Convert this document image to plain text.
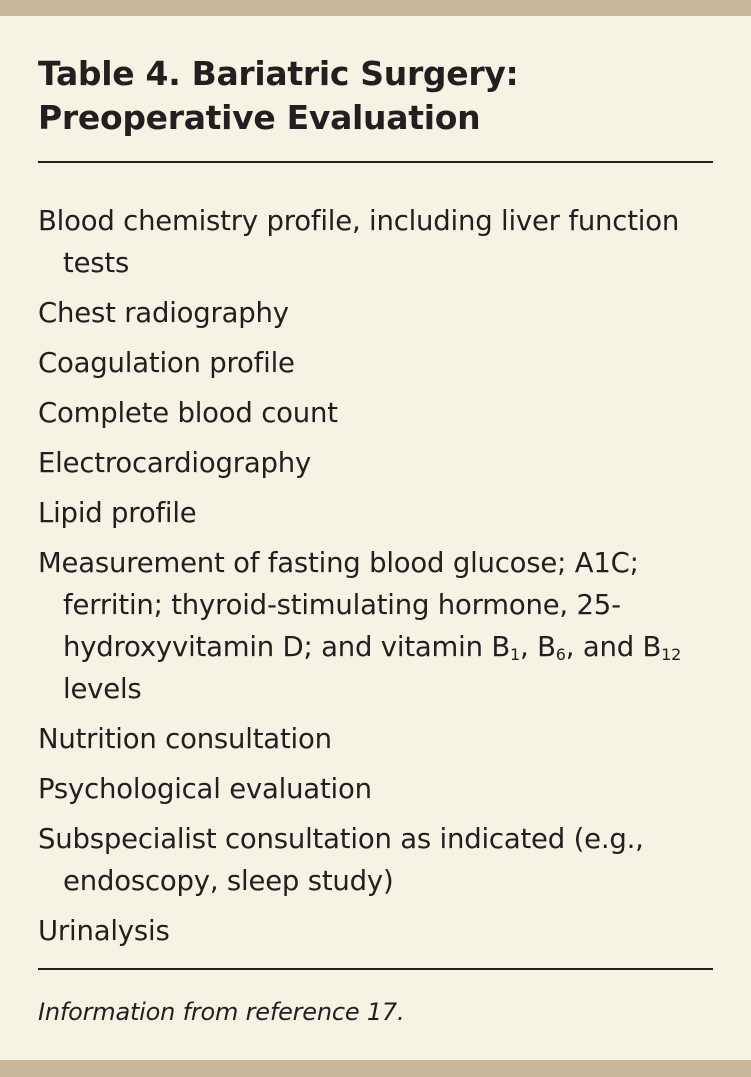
Table 4. Bariatric Surgery:
Preoperative Evaluation
Blood chemistry profile, including liver function tests
Chest radiography
Coagulation profile
Complete blood count
Electrocardiography
Lipid profile
Measurement of fasting blood glucose; A1C; ferritin; thyroid-stimulating hormone, 25-hydroxyvitamin D; and vitamin $B_1$, $B_6$, and $B_{12}$ levels
Nutrition consultation
Psychological evaluation
Subspecialist consultation as indicated (e.g., endoscopy, sleep study)
Urinalysis
Information from reference 17.
